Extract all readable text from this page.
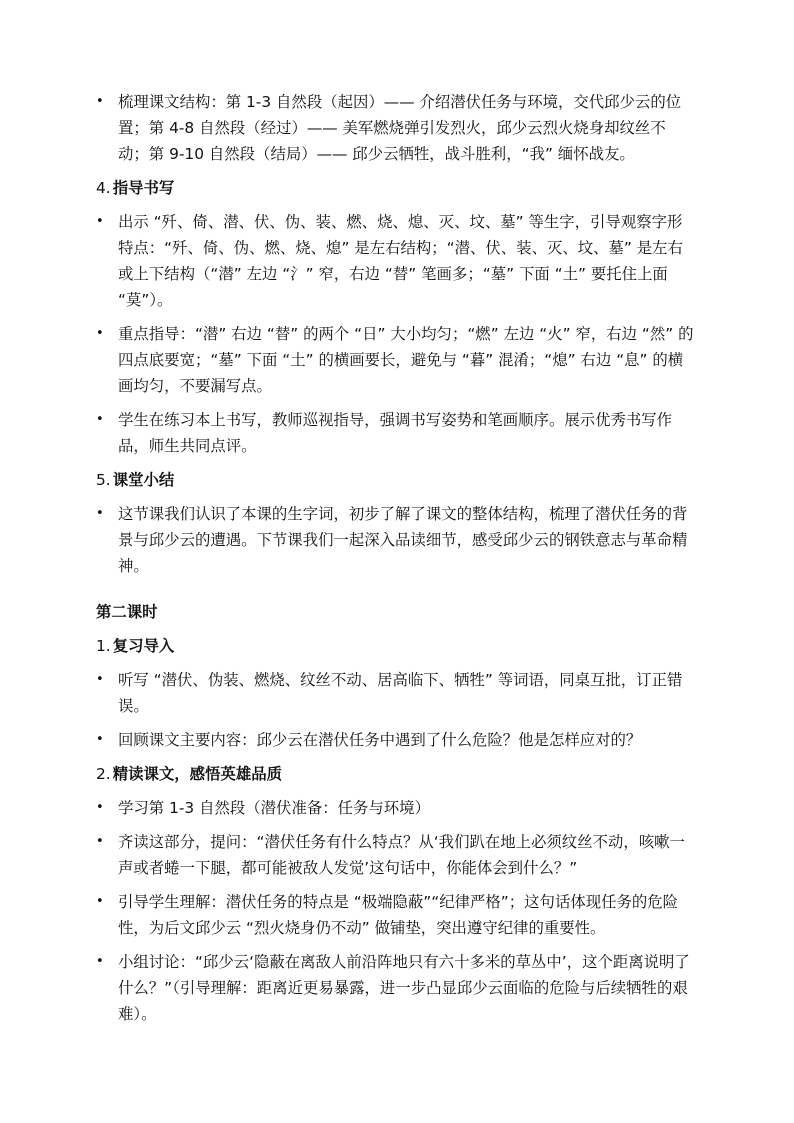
• 梳理课文结构：第 1-3 自然段（起因）—— 介绍潜伏任务与环境，交代邱少云的位置；第 4-8 自然段（经过）—— 美军燃烧弹引发烈火，邱少云烈火烧身却纹丝不动；第 9-10 自然段（结局）—— 邱少云牺牲，战斗胜利，“我” 缅怀战友。
4. 指导书写
• 出示 “歼、倚、潜、伏、伪、装、燃、烧、熄、灭、坟、墓” 等生字，引导观察字形特点：“歼、倚、伪、燃、烧、熄” 是左右结构；“潜、伏、装、灭、坟、墓” 是左右或上下结构（“潜” 左边 “氵” 窄，右边 “替” 笔画多；“墓” 下面 “土” 要托住上面 “莫”）。
• 重点指导：“潜” 右边 “替” 的两个 “日” 大小均匀；“燃” 左边 “火” 窄，右边 “然” 的四点底要宽；“墓” 下面 “土” 的横画要长，避免与 “暮” 混淆；“熄” 右边 “息” 的横画均匀，不要漏写点。
• 学生在练习本上书写，教师巡视指导，强调书写姿势和笔画顺序。展示优秀书写作品，师生共同点评。
5. 课堂小结
• 这节课我们认识了本课的生字词，初步了解了课文的整体结构，梳理了潜伏任务的背景与邱少云的遭遇。下节课我们一起深入品读细节，感受邱少云的钢铁意志与革命精神。
第二课时
1. 复习导入
• 听写 “潜伏、伪装、燃烧、纹丝不动、居高临下、牺牲” 等词语，同桌互批，订正错误。
• 回顾课文主要内容：邱少云在潜伏任务中遇到了什么危险？他是怎样应对的？
2. 精读课文，感悟英雄品质
• 学习第 1-3 自然段（潜伏准备：任务与环境）
• 齐读这部分，提问：“潜伏任务有什么特点？从‘我们趴在地上必须纹丝不动，咳嗽一声或者蜷一下腿，都可能被敌人发觉’这句话中，你能体会到什么？”
• 引导学生理解：潜伏任务的特点是 “极端隐蔽”“纪律严格”；这句话体现任务的危险性，为后文邱少云 “烈火烧身仍不动” 做铺垫，突出遵守纪律的重要性。
• 小组讨论：“邱少云‘隐蔽在离敌人前沿阵地只有六十多米的草丛中’，这个距离说明了什么？”（引导理解：距离近更易暴露，进一步凸显邱少云面临的危险与后续牺牲的艰难）。
